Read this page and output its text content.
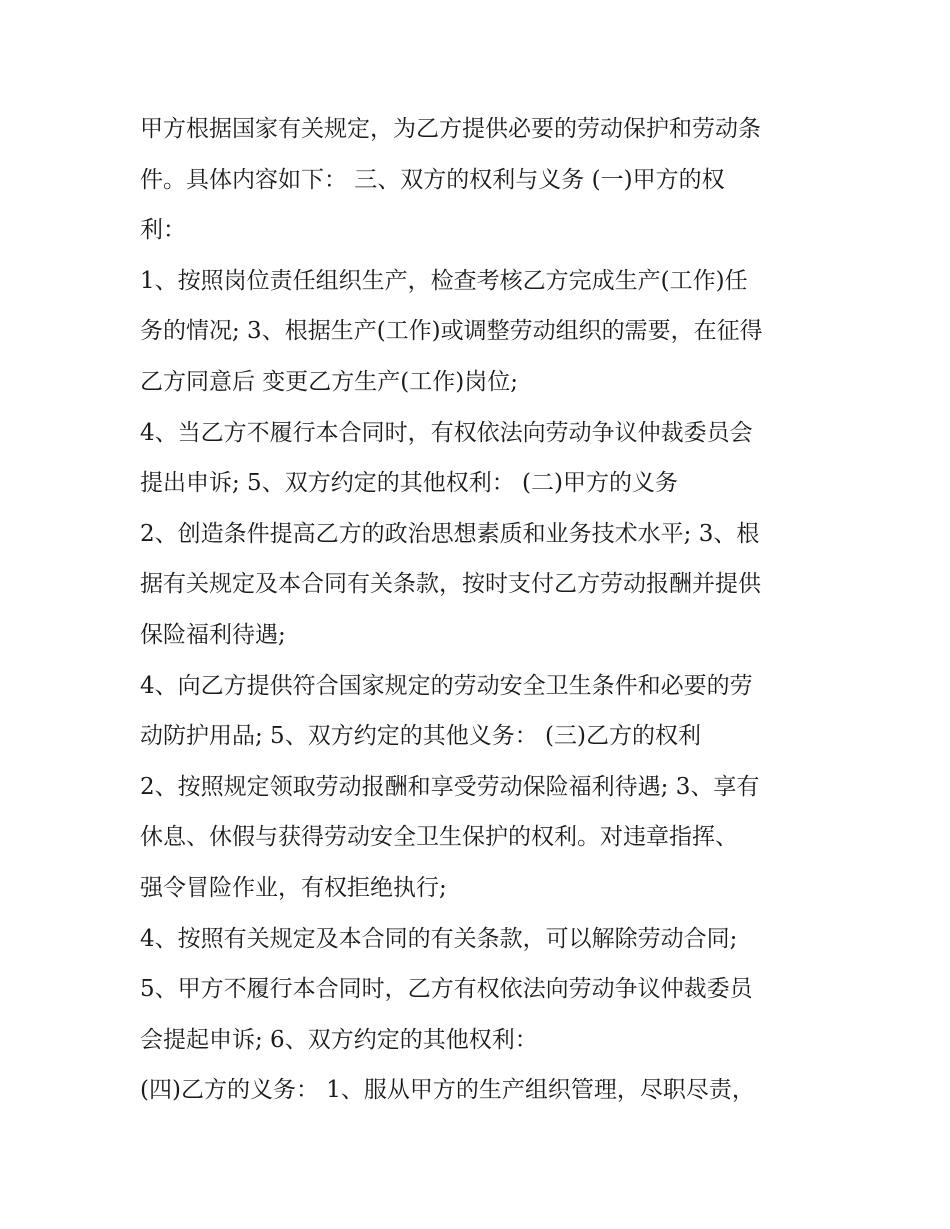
甲方根据国家有关规定，为乙方提供必要的劳动保护和劳动条
件。具体内容如下： 三、双方的权利与义务 (一)甲方的权
利：
1、按照岗位责任组织生产，检查考核乙方完成生产(工作)任
务的情况; 3、根据生产(工作)或调整劳动组织的需要，在征得
乙方同意后 变更乙方生产(工作)岗位;
4、当乙方不履行本合同时，有权依法向劳动争议仲裁委员会
提出申诉; 5、双方约定的其他权利： (二)甲方的义务
2、创造条件提高乙方的政治思想素质和业务技术水平; 3、根
据有关规定及本合同有关条款，按时支付乙方劳动报酬并提供
保险福利待遇;
4、向乙方提供符合国家规定的劳动安全卫生条件和必要的劳
动防护用品; 5、双方约定的其他义务： (三)乙方的权利
2、按照规定领取劳动报酬和享受劳动保险福利待遇; 3、享有
休息、休假与获得劳动安全卫生保护的权利。对违章指挥、
强令冒险作业，有权拒绝执行;
4、按照有关规定及本合同的有关条款，可以解除劳动合同;
5、甲方不履行本合同时，乙方有权依法向劳动争议仲裁委员
会提起申诉; 6、双方约定的其他权利：
(四)乙方的义务： 1、服从甲方的生产组织管理，尽职尽责，
